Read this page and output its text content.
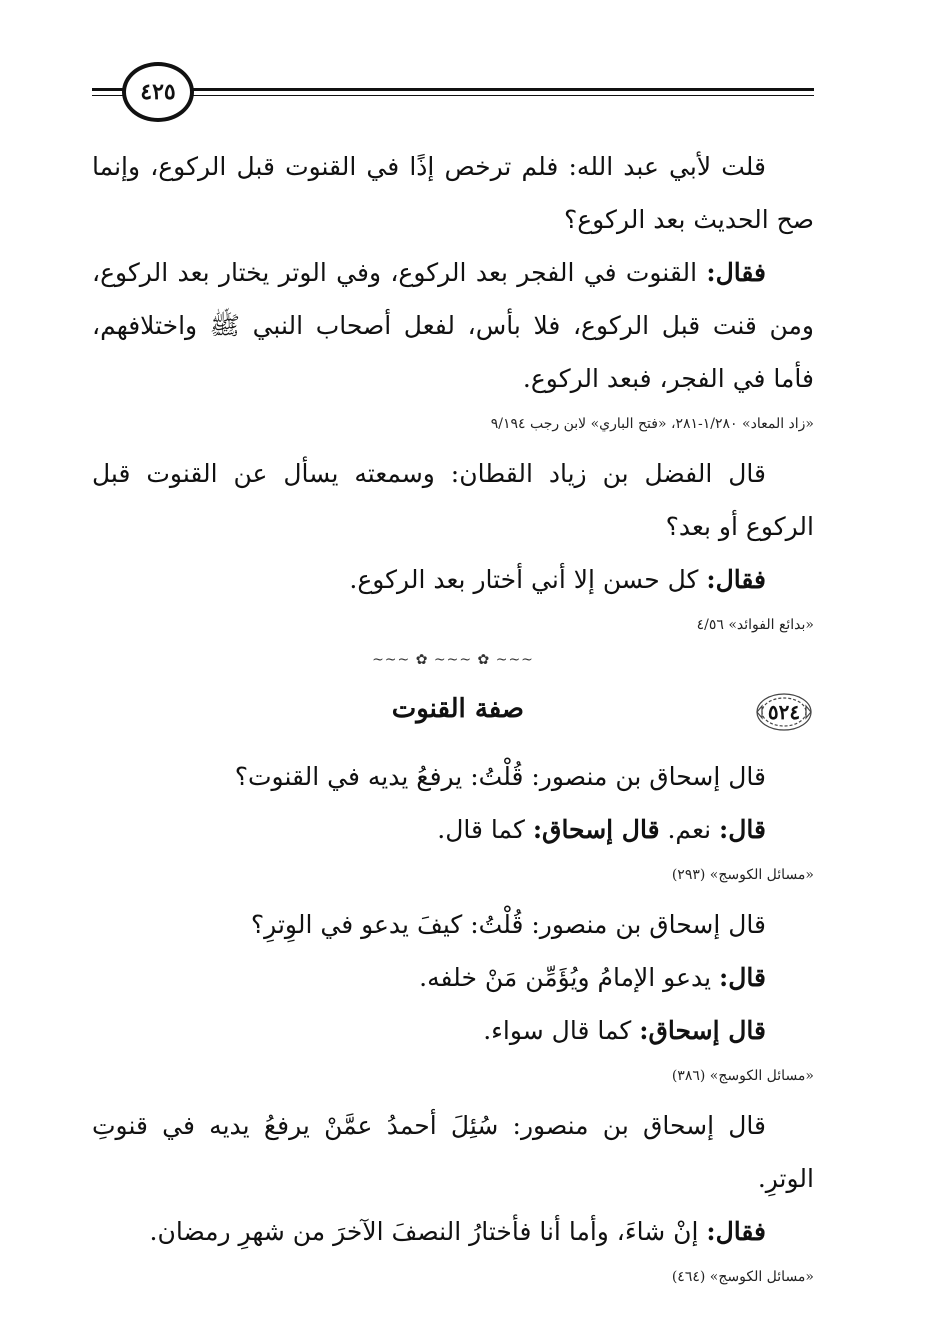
٤٢٥

قلت لأبي عبد الله: فلم ترخص إذًا في القنوت قبل الركوع، وإنما صح الحديث بعد الركوع؟

فقال: القنوت في الفجر بعد الركوع، وفي الوتر يختار بعد الركوع، ومن قنت قبل الركوع، فلا بأس، لفعل أصحاب النبي ﷺ واختلافهم، فأما في الفجر، فبعد الركوع.

«زاد المعاد» ١/٢٨٠-٢٨١، «فتح الباري» لابن رجب ٩/١٩٤

قال الفضل بن زياد القطان: وسمعته يسأل عن القنوت قبل الركوع أو بعد؟

فقال: كل حسن إلا أني أختار بعد الركوع.

«بدائع الفوائد» ٤/٥٦
~~~ ✿ ~~~ ✿ ~~~
٥٢٤
صفة القنوت

قال إسحاق بن منصور: قُلْتُ: يرفعُ يديه في القنوت؟

قال: نعم. قال إسحاق: كما قال.

«مسائل الكوسج» (٢٩٣)

قال إسحاق بن منصور: قُلْتُ: كيفَ يدعو في الوِترِ؟

قال: يدعو الإمامُ ويُؤَمِّن مَنْ خلفه.

قال إسحاق: كما قال سواء.

«مسائل الكوسج» (٣٨٦)

قال إسحاق بن منصور: سُئِلَ أحمدُ عمَّنْ يرفعُ يديه في قنوتِ الوترِ.

فقال: إنْ شاءَ، وأما أنا فأختارُ النصفَ الآخرَ من شهرِ رمضان.

«مسائل الكوسج» (٤٦٤)
